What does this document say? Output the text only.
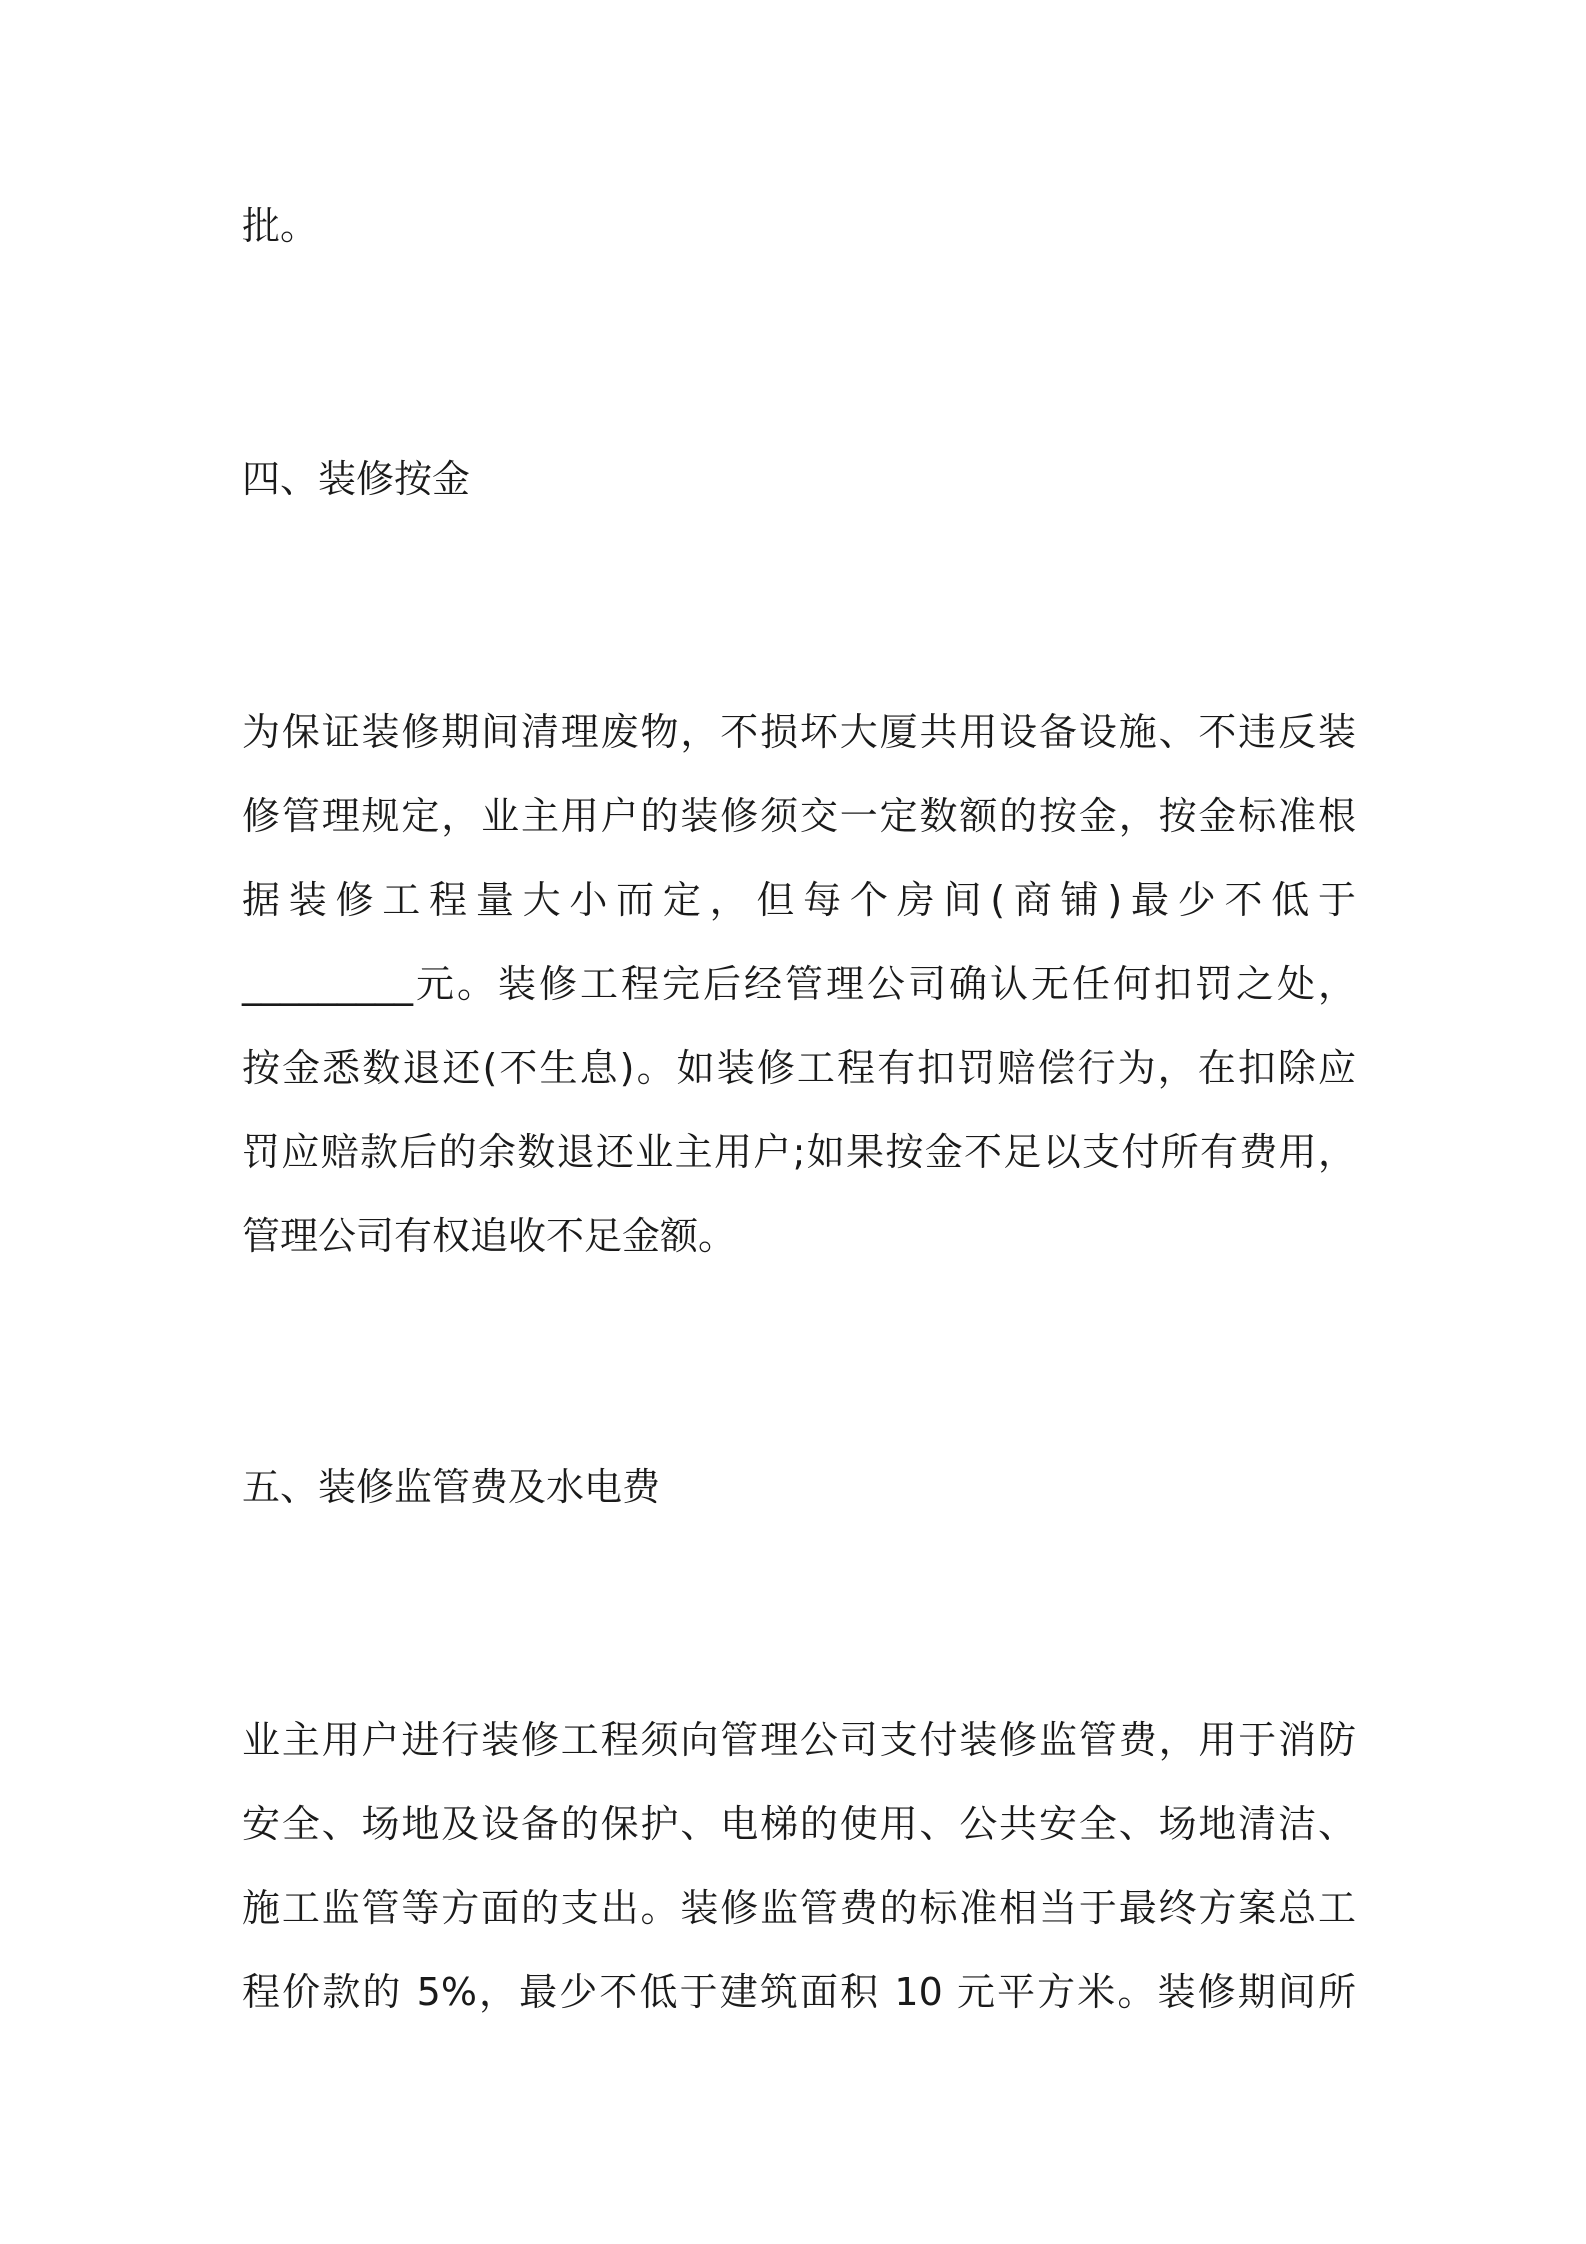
批。

四、装修按金

为保证装修期间清理废物，不损坏大厦共用设备设施、不违反装

修管理规定，业主用户的装修须交一定数额的按金，按金标准根

据装修工程量大小而定，但每个房间(商铺)最少不低于

_________元。装修工程完后经管理公司确认无任何扣罚之处，

按金悉数退还(不生息)。如装修工程有扣罚赔偿行为，在扣除应

罚应赔款后的余数退还业主用户;如果按金不足以支付所有费用，

管理公司有权追收不足金额。

五、装修监管费及水电费

业主用户进行装修工程须向管理公司支付装修监管费，用于消防

安全、场地及设备的保护、电梯的使用、公共安全、场地清洁、

施工监管等方面的支出。装修监管费的标准相当于最终方案总工

程价款的 5%，最少不低于建筑面积 10 元平方米。装修期间所
